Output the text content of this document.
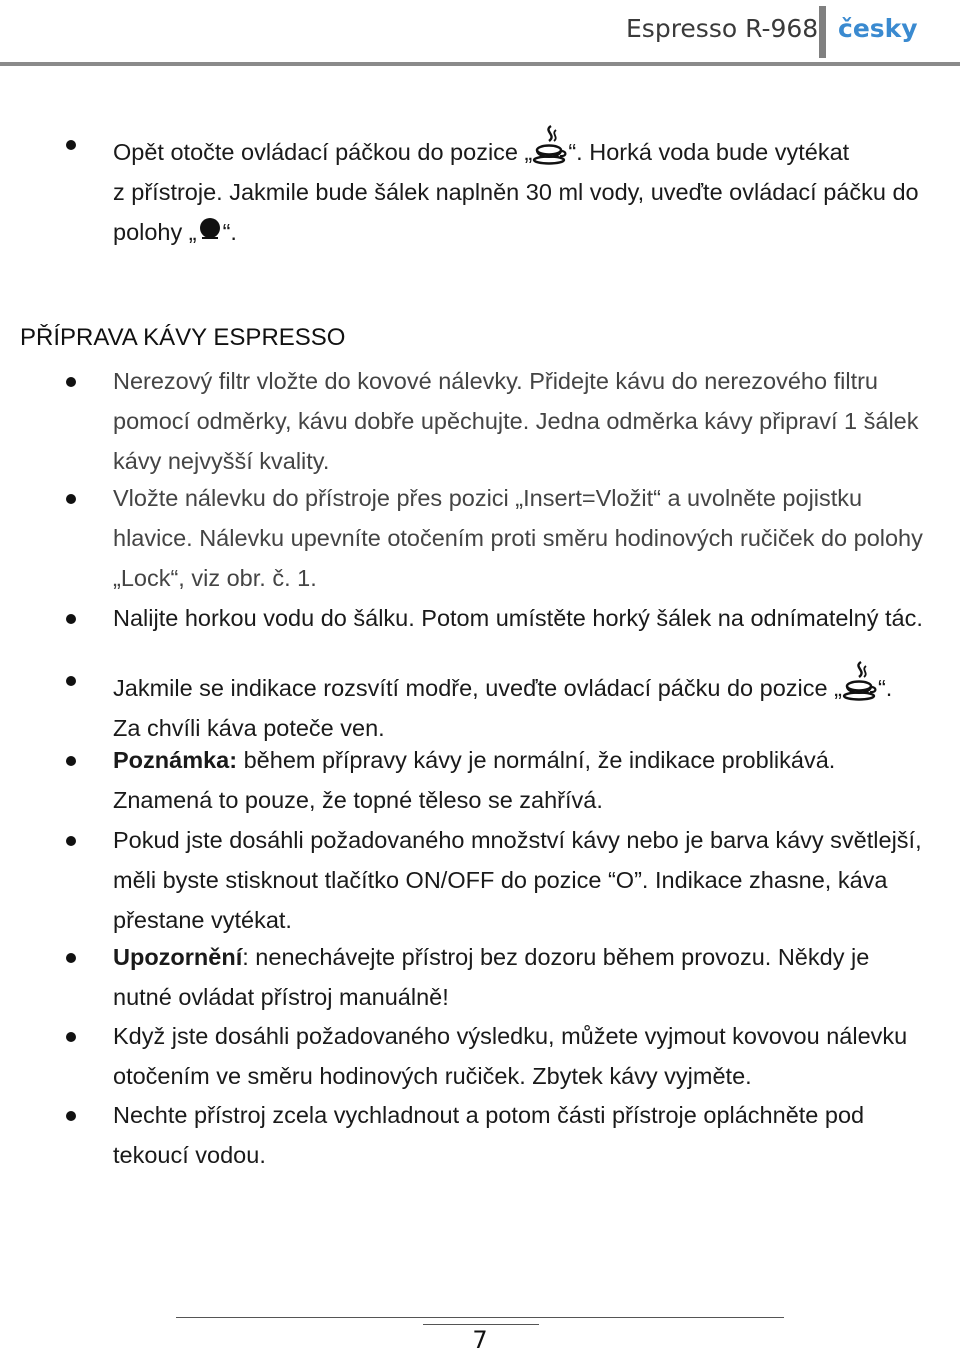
Espresso R-968 česky
Opět otočte ovládací páčkou do pozice „ “. Horká voda bude vytékat
z přístroje. Jakmile bude šálek naplněn 30 ml vody, uveďte ovládací páčku do
polohy „ “.
PŘÍPRAVA KÁVY ESPRESSO
Nerezový filtr vložte do kovové nálevky. Přidejte kávu do nerezového filtru
pomocí odměrky, kávu dobře upěchujte. Jedna odměrka kávy připraví 1 šálek
kávy nejvyšší kvality.
Vložte nálevku do přístroje přes pozici „Insert=Vložit“ a uvolněte pojistku
hlavice. Nálevku upevníte otočením proti směru hodinových ručiček do polohy
„Lock“, viz obr. č. 1.
Nalijte horkou vodu do šálku. Potom umístěte horký šálek na odnímatelný tác.
Jakmile se indikace rozsvítí modře, uveďte ovládací páčku do pozice „ “.
Za chvíli káva poteče ven.
Poznámka: během přípravy kávy je normální, že indikace problikává.
Znamená to pouze, že topné těleso se zahřívá.
Pokud jste dosáhli požadovaného množství kávy nebo je barva kávy světlejší,
měli byste stisknout tlačítko ON/OFF do pozice “O”. Indikace zhasne, káva
přestane vytékat.
Upozornění: nenechávejte přístroj bez dozoru během provozu. Někdy je
nutné ovládat přístroj manuálně!
Když jste dosáhli požadovaného výsledku, můžete vyjmout kovovou nálevku
otočením ve směru hodinových ručiček. Zbytek kávy vyjměte.
Nechte přístroj zcela vychladnout a potom části přístroje opláchněte pod
tekoucí vodou.
7
